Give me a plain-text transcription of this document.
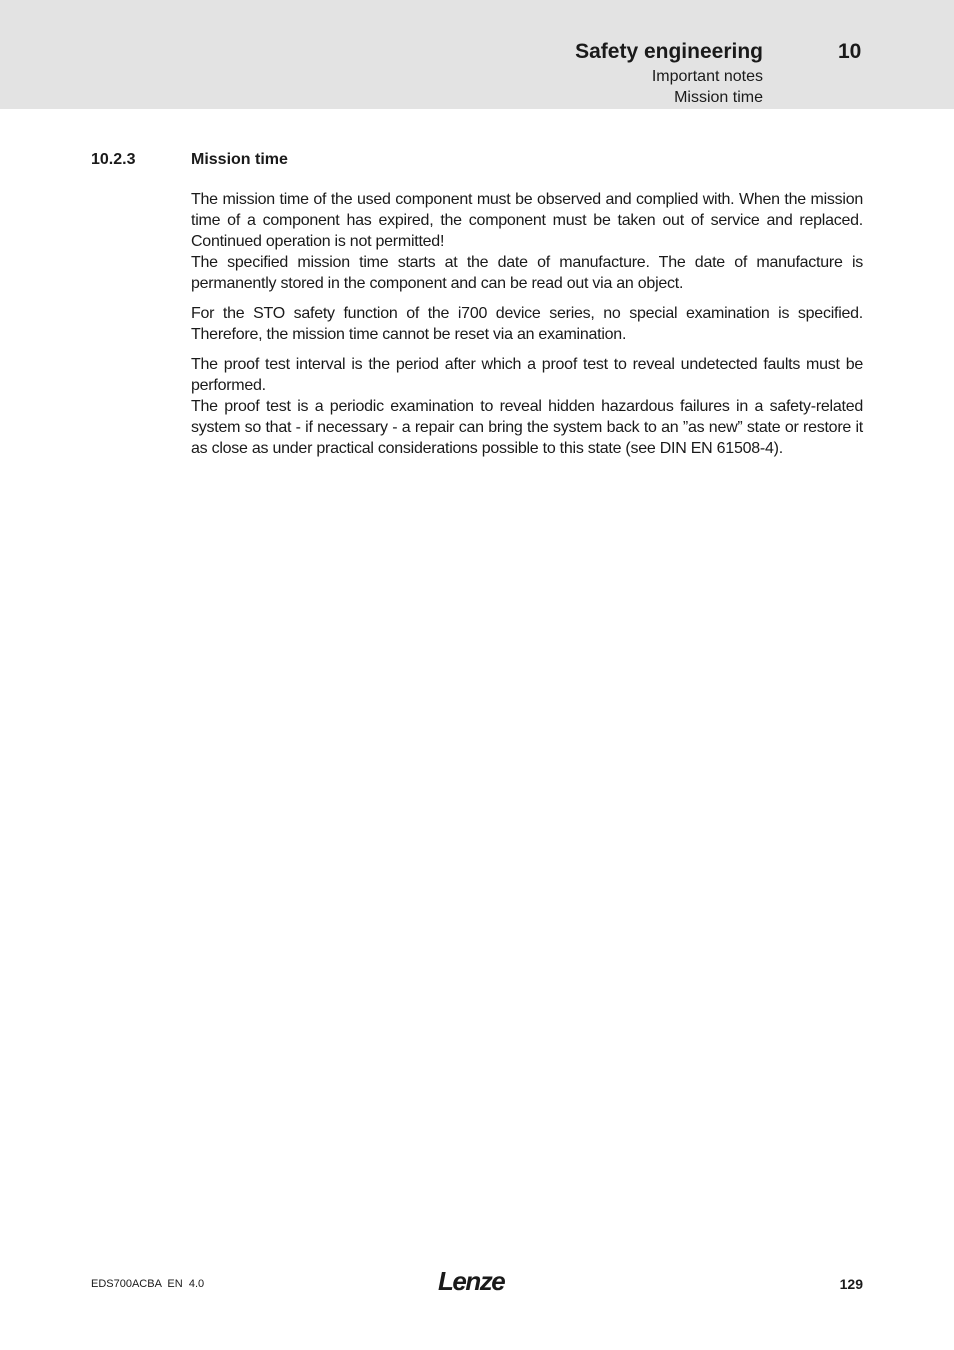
Safety engineering	10
Important notes
Mission time
10.2.3	Mission time

The mission time of the used component must be observed and complied with. When the mission time of a component has expired, the component must be taken out of service and replaced. Continued operation is not permitted!

The specified mission time starts at the date of manufacture. The date of manufacture is permanently stored in the component and can be read out via an object.

For the STO safety function of the i700 device series, no special examination is specified. Therefore, the mission time cannot be reset via an examination.

The proof test interval is the period after which a proof test to reveal undetected faults must be performed.

The proof test is a periodic examination to reveal hidden hazardous failures in a safety-related system so that - if necessary - a repair can bring the system back to an ”as new” state or restore it as close as under practical considerations possible to this state (see DIN EN 61508-4).

EDS700ACBA  EN  4.0	Lenze	129
